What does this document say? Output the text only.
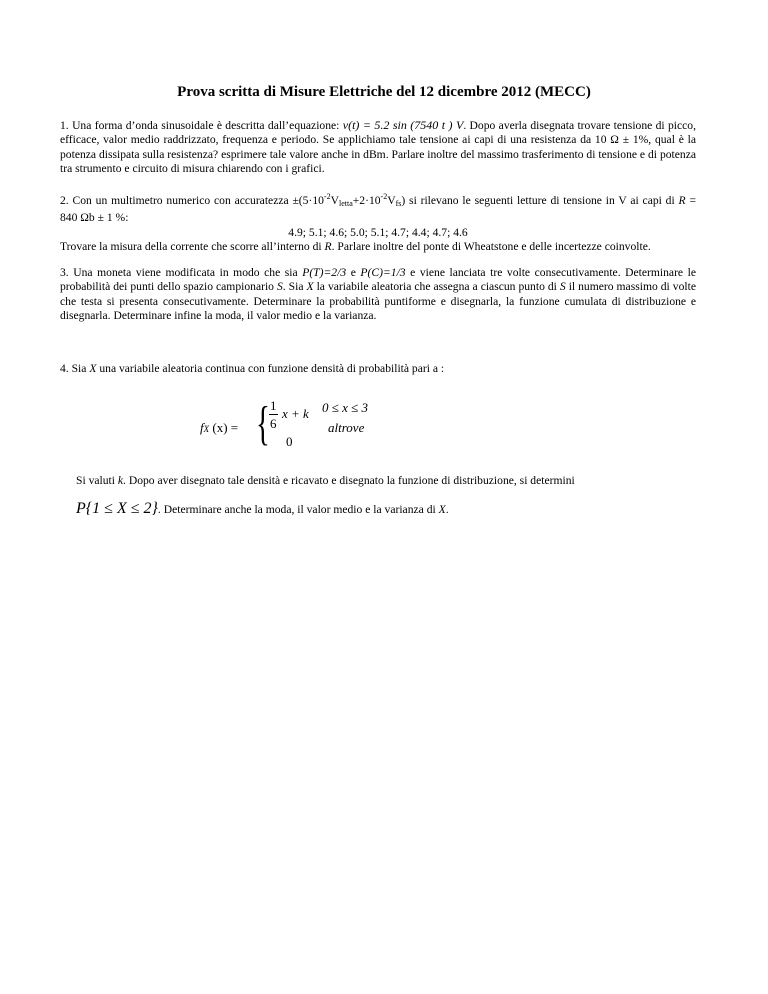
Prova scritta di Misure Elettriche del 12 dicembre 2012 (MECC)
1. Una forma d’onda sinusoidale è descritta dall’equazione: v(t) = 5.2 sin (7540 t ) V. Dopo averla disegnata trovare tensione di picco, efficace, valor medio raddrizzato, frequenza e periodo. Se applichiamo tale tensione ai capi di una resistenza da 10 Ω ± 1%, qual è la potenza dissipata sulla resistenza? esprimere tale valore anche in dBm. Parlare inoltre del massimo trasferimento di tensione e di potenza tra strumento e circuito di misura chiarendo con i grafici.
2. Con un multimetro numerico con accuratezza $\pm(5\cdot 10^{-2}V_{letta}+2\cdot 10^{-2}V_{fs})$ si rilevano le seguenti letture di tensione in V ai capi di R = 840 Ωb ± 1 %:
4.9; 5.1; 4.6; 5.0; 5.1; 4.7; 4.4; 4.7; 4.6
Trovare la misura della corrente che scorre all’interno di R. Parlare inoltre del ponte di Wheatstone e delle incertezze coinvolte.
3. Una moneta viene modificata in modo che sia P(T)=2/3 e P(C)=1/3 e viene lanciata tre volte consecutivamente. Determinare le probabilità dei punti dello spazio campionario S. Sia X la variabile aleatoria che assegna a ciascun punto di S il numero massimo di volte che testa si presenta consecutivamente. Determinare la probabilità puntiforme e disegnarla, la funzione cumulata di distribuzione e disegnarla. Determinare infine la moda, il valor medio e la varianza.
4. Sia X una variabile aleatoria continua con funzione densità di probabilità pari a :
fX (x) = { 1
6
x + k 0 ≤ x ≤ 3
altrove
0
Si valuti k. Dopo aver disegnato tale densità e ricavato e disegnato la funzione di distribuzione, si determini
P{1 ≤ X ≤ 2}. Determinare anche la moda, il valor medio e la varianza di X.
